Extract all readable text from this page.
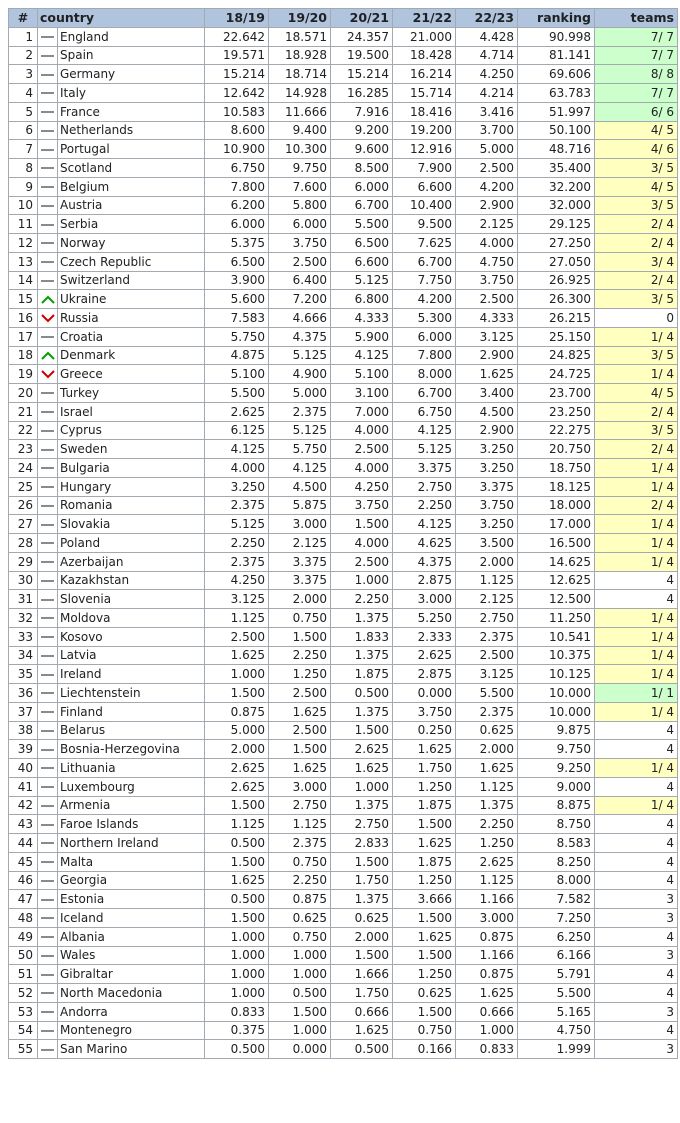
#	country		18/19	19/20	20/21	21/22	22/23	ranking	teams
1		England	22.642	18.571	24.357	21.000	4.428	90.998	7/ 7
2		Spain	19.571	18.928	19.500	18.428	4.714	81.141	7/ 7
3		Germany	15.214	18.714	15.214	16.214	4.250	69.606	8/ 8
4		Italy	12.642	14.928	16.285	15.714	4.214	63.783	7/ 7
5		France	10.583	11.666	7.916	18.416	3.416	51.997	6/ 6
6		Netherlands	8.600	9.400	9.200	19.200	3.700	50.100	4/ 5
7		Portugal	10.900	10.300	9.600	12.916	5.000	48.716	4/ 6
8		Scotland	6.750	9.750	8.500	7.900	2.500	35.400	3/ 5
9		Belgium	7.800	7.600	6.000	6.600	4.200	32.200	4/ 5
10		Austria	6.200	5.800	6.700	10.400	2.900	32.000	3/ 5
11		Serbia	6.000	6.000	5.500	9.500	2.125	29.125	2/ 4
12		Norway	5.375	3.750	6.500	7.625	4.000	27.250	2/ 4
13		Czech Republic	6.500	2.500	6.600	6.700	4.750	27.050	3/ 4
14		Switzerland	3.900	6.400	5.125	7.750	3.750	26.925	2/ 4
15		Ukraine	5.600	7.200	6.800	4.200	2.500	26.300	3/ 5
16		Russia	7.583	4.666	4.333	5.300	4.333	26.215	0
17		Croatia	5.750	4.375	5.900	6.000	3.125	25.150	1/ 4
18		Denmark	4.875	5.125	4.125	7.800	2.900	24.825	3/ 5
19		Greece	5.100	4.900	5.100	8.000	1.625	24.725	1/ 4
20		Turkey	5.500	5.000	3.100	6.700	3.400	23.700	4/ 5
21		Israel	2.625	2.375	7.000	6.750	4.500	23.250	2/ 4
22		Cyprus	6.125	5.125	4.000	4.125	2.900	22.275	3/ 5
23		Sweden	4.125	5.750	2.500	5.125	3.250	20.750	2/ 4
24		Bulgaria	4.000	4.125	4.000	3.375	3.250	18.750	1/ 4
25		Hungary	3.250	4.500	4.250	2.750	3.375	18.125	1/ 4
26		Romania	2.375	5.875	3.750	2.250	3.750	18.000	2/ 4
27		Slovakia	5.125	3.000	1.500	4.125	3.250	17.000	1/ 4
28		Poland	2.250	2.125	4.000	4.625	3.500	16.500	1/ 4
29		Azerbaijan	2.375	3.375	2.500	4.375	2.000	14.625	1/ 4
30		Kazakhstan	4.250	3.375	1.000	2.875	1.125	12.625	4
31		Slovenia	3.125	2.000	2.250	3.000	2.125	12.500	4
32		Moldova	1.125	0.750	1.375	5.250	2.750	11.250	1/ 4
33		Kosovo	2.500	1.500	1.833	2.333	2.375	10.541	1/ 4
34		Latvia	1.625	2.250	1.375	2.625	2.500	10.375	1/ 4
35		Ireland	1.000	1.250	1.875	2.875	3.125	10.125	1/ 4
36		Liechtenstein	1.500	2.500	0.500	0.000	5.500	10.000	1/ 1
37		Finland	0.875	1.625	1.375	3.750	2.375	10.000	1/ 4
38		Belarus	5.000	2.500	1.500	0.250	0.625	9.875	4
39		Bosnia-Herzegovina	2.000	1.500	2.625	1.625	2.000	9.750	4
40		Lithuania	2.625	1.625	1.625	1.750	1.625	9.250	1/ 4
41		Luxembourg	2.625	3.000	1.000	1.250	1.125	9.000	4
42		Armenia	1.500	2.750	1.375	1.875	1.375	8.875	1/ 4
43		Faroe Islands	1.125	1.125	2.750	1.500	2.250	8.750	4
44		Northern Ireland	0.500	2.375	2.833	1.625	1.250	8.583	4
45		Malta	1.500	0.750	1.500	1.875	2.625	8.250	4
46		Georgia	1.625	2.250	1.750	1.250	1.125	8.000	4
47		Estonia	0.500	0.875	1.375	3.666	1.166	7.582	3
48		Iceland	1.500	0.625	0.625	1.500	3.000	7.250	3
49		Albania	1.000	0.750	2.000	1.625	0.875	6.250	4
50		Wales	1.000	1.000	1.500	1.500	1.166	6.166	3
51		Gibraltar	1.000	1.000	1.666	1.250	0.875	5.791	4
52		North Macedonia	1.000	0.500	1.750	0.625	1.625	5.500	4
53		Andorra	0.833	1.500	0.666	1.500	0.666	5.165	3
54		Montenegro	0.375	1.000	1.625	0.750	1.000	4.750	4
55		San Marino	0.500	0.000	0.500	0.166	0.833	1.999	3
